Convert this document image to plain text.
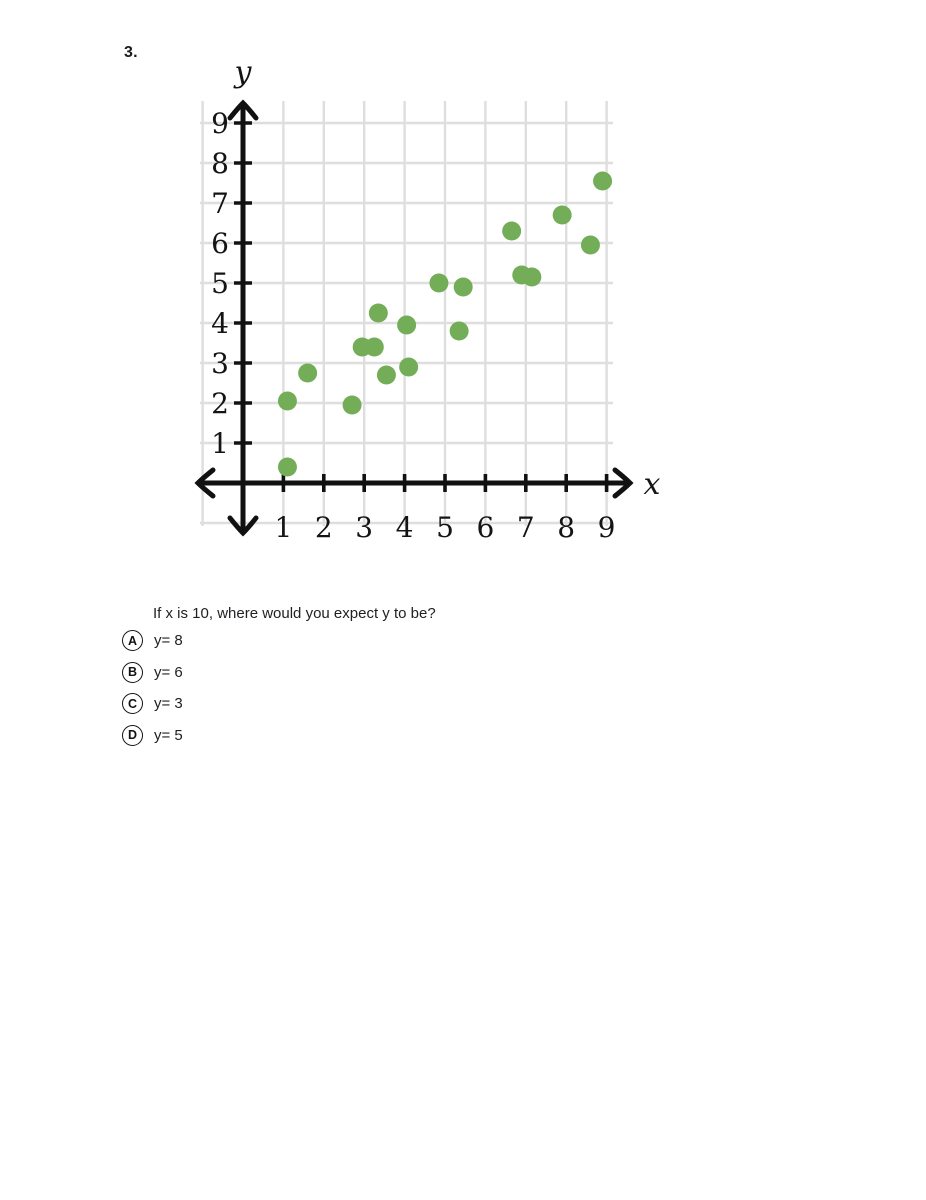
3.
1 2 3 4 5 6 7 8 9
1
2
3
4
5
6
7
8
9
y
x
If x is 10, where would you expect y to be?
A	y= 8
B	y= 6
C	y= 3
D	y= 5
